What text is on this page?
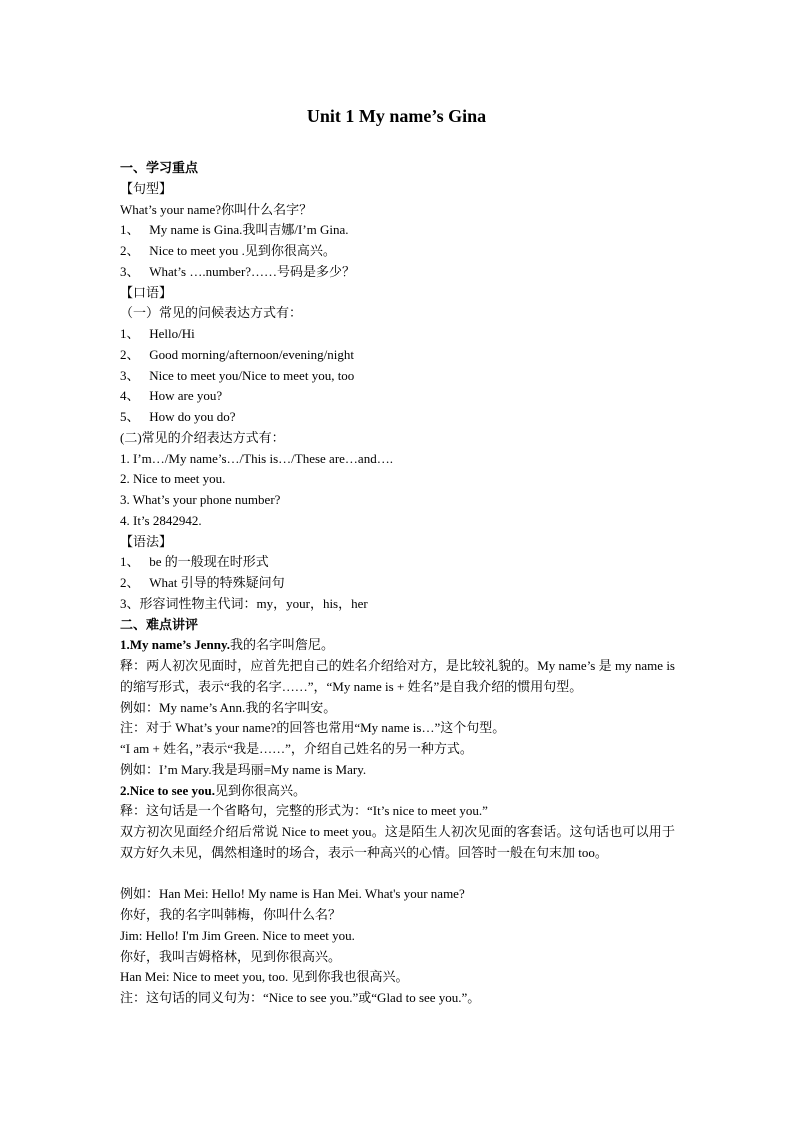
Unit 1 My name’s Gina
一、学习重点
【句型】
What’s your name?你叫什么名字？
1、   My name is Gina.我叫吉娜/I’m Gina.
2、   Nice to meet you .见到你很高兴。
3、   What’s ….number?……号码是多少？
【口语】
（一）常见的问候表达方式有：
1、   Hello/Hi
2、   Good morning/afternoon/evening/night
3、   Nice to meet you/Nice to meet you, too
4、   How are you?
5、   How do you do?
(二)常见的介绍表达方式有：
1. I’m…/My name’s…/This is…/These are…and….
2. Nice to meet you.
3. What’s your phone number?
4. It’s 2842942.
【语法】
1、   be 的一般现在时形式
2、   What 引导的特殊疑问句
3、形容词性物主代词：my，your，his，her
二、难点讲评
1.My name’s Jenny.我的名字叫詹尼。
释：两人初次见面时，应首先把自己的姓名介绍给对方，是比较礼貌的。My name’s 是 my name is 的缩写形式，表示“我的名字……”，“My name is + 姓名”是自我介绍的惯用句型。
例如：My name’s Ann.我的名字叫安。
注：对于 What’s your name?的回答也常用“My name is…”这个句型。
“I am + 姓名，”表示“我是……”，介绍自己姓名的另一种方式。
例如：I’m Mary.我是玛丽=My name is Mary.
2.Nice to see you.见到你很高兴。
释：这句话是一个省略句，完整的形式为：“It’s nice to meet you.”
双方初次见面经介绍后常说 Nice to meet you。这是陌生人初次见面的客套话。这句话也可以用于双方好久未见，偶然相逢时的场合，表示一种高兴的心情。回答时一般在句末加 too。
例如：Han Mei: Hello! My name is Han Mei. What's your name?
你好，我的名字叫韩梅，你叫什么名？
Jim: Hello! I'm Jim Green. Nice to meet you.
你好，我叫吉姆格林，见到你很高兴。
Han Mei: Nice to meet you, too. 见到你我也很高兴。
注：这句话的同义句为：“Nice to see you.”或“Glad to see you.”。
